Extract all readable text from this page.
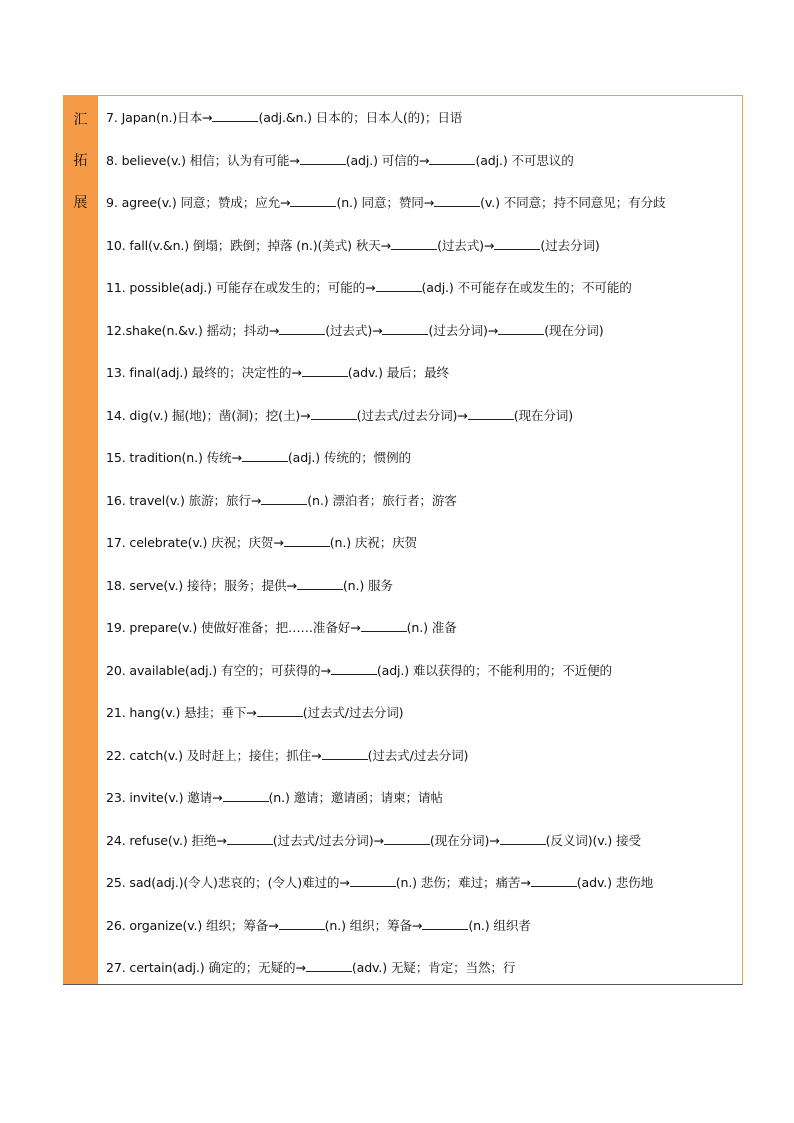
汇
拓
展
7. Japan(n.)日本→	(adj.&n.) 日本的；日本人(的)；日语
8. believe(v.) 相信；认为有可能→	(adj.) 可信的→	(adj.) 不可思议的
9. agree(v.) 同意；赞成；应允→	(n.) 同意；赞同→	(v.) 不同意；持不同意见；有分歧
10. fall(v.&n.) 倒塌；跌倒；掉落 (n.)(美式) 秋天→	(过去式)→	(过去分词)
11. possible(adj.) 可能存在或发生的；可能的→	(adj.) 不可能存在或发生的；不可能的
12.shake(n.&v.) 摇动；抖动→	(过去式)→	(过去分词)→	(现在分词)
13. final(adj.) 最终的；决定性的→	(adv.) 最后；最终
14. dig(v.) 掘(地)；凿(洞)；挖(土)→	(过去式/过去分词)→	(现在分词)
15. tradition(n.) 传统→	(adj.) 传统的；惯例的
16. travel(v.) 旅游；旅行→	(n.) 漂泊者；旅行者；游客
17. celebrate(v.) 庆祝；庆贺→	(n.) 庆祝；庆贺
18. serve(v.) 接待；服务；提供→	(n.) 服务
19. prepare(v.) 使做好准备；把……准备好→	(n.) 准备
20. available(adj.) 有空的；可获得的→	(adj.) 难以获得的；不能利用的；不近便的
21. hang(v.) 悬挂；垂下→	(过去式/过去分词)
22. catch(v.) 及时赶上；接住；抓住→	(过去式/过去分词)
23. invite(v.) 邀请→	(n.) 邀请；邀请函；请柬；请帖
24. refuse(v.) 拒绝→	(过去式/过去分词)→	(现在分词)→	(反义词)(v.) 接受
25. sad(adj.)(令人)悲哀的；(令人)难过的→	(n.) 悲伤；难过；痛苦→	(adv.) 悲伤地
26. organize(v.) 组织；筹备→	(n.) 组织；筹备→	(n.) 组织者
27. certain(adj.) 确定的；无疑的→	(adv.) 无疑；肯定；当然；行
